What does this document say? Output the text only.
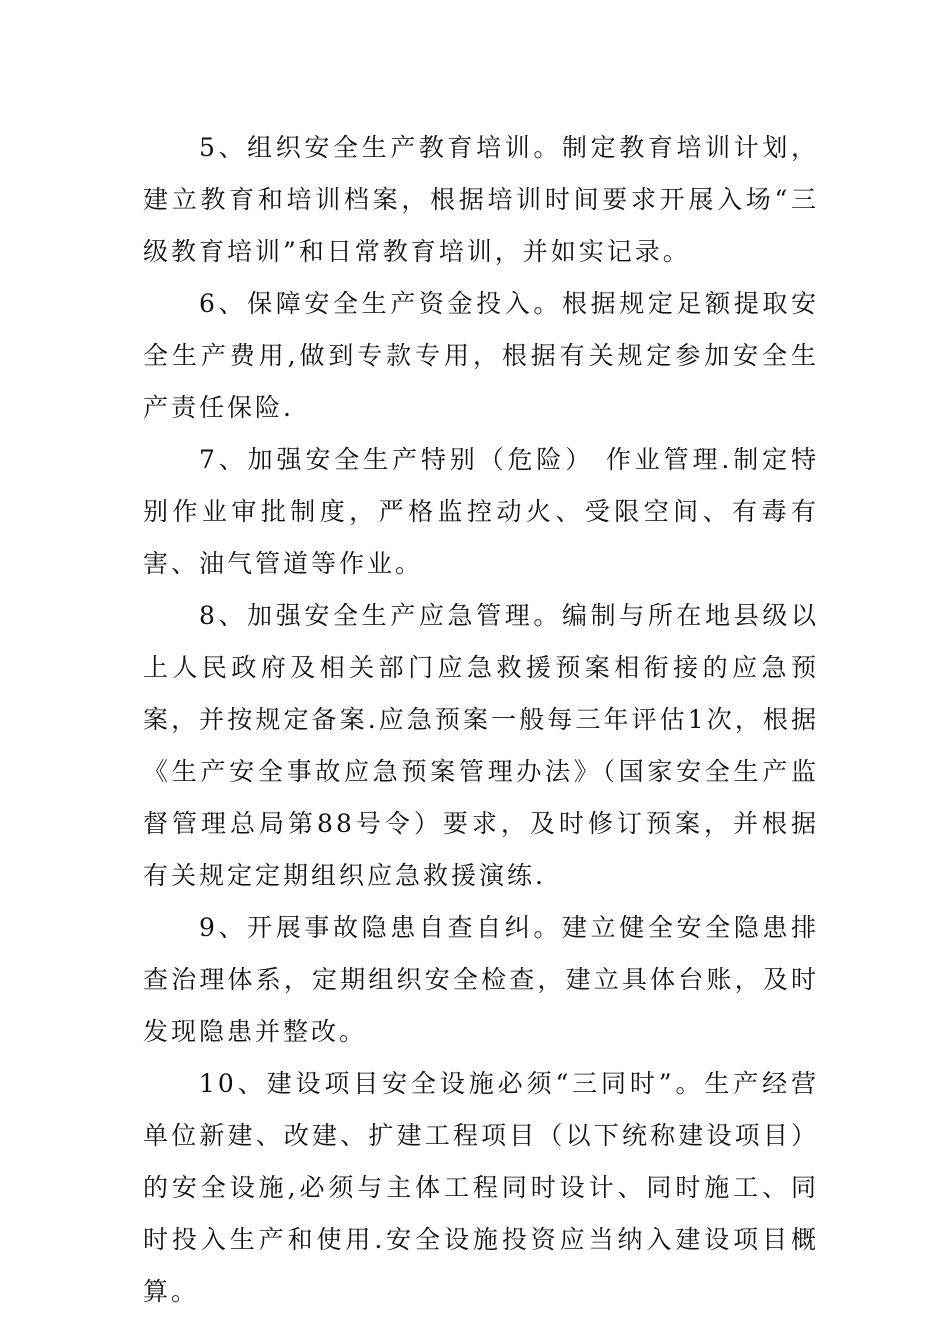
5、组织安全生产教育培训。制定教育培训计划，建立教育和培训档案，根据培训时间要求开展入场“三级教育培训”和日常教育培训，并如实记录。

6、保障安全生产资金投入。根据规定足额提取安全生产费用,做到专款专用，根据有关规定参加安全生产责任保险.

7、加强安全生产特别（危险） 作业管理.制定特别作业审批制度，严格监控动火、受限空间、有毒有害、油气管道等作业。

8、加强安全生产应急管理。编制与所在地县级以上人民政府及相关部门应急救援预案相衔接的应急预案，并按规定备案.应急预案一般每三年评估1次，根据《生产安全事故应急预案管理办法》（国家安全生产监督管理总局第88号令）要求，及时修订预案，并根据有关规定定期组织应急救援演练.

9、开展事故隐患自查自纠。建立健全安全隐患排查治理体系，定期组织安全检查，建立具体台账，及时发现隐患并整改。

10、建设项目安全设施必须“三同时”。生产经营单位新建、改建、扩建工程项目（以下统称建设项目）的安全设施,必须与主体工程同时设计、同时施工、同时投入生产和使用.安全设施投资应当纳入建设项目概算。
